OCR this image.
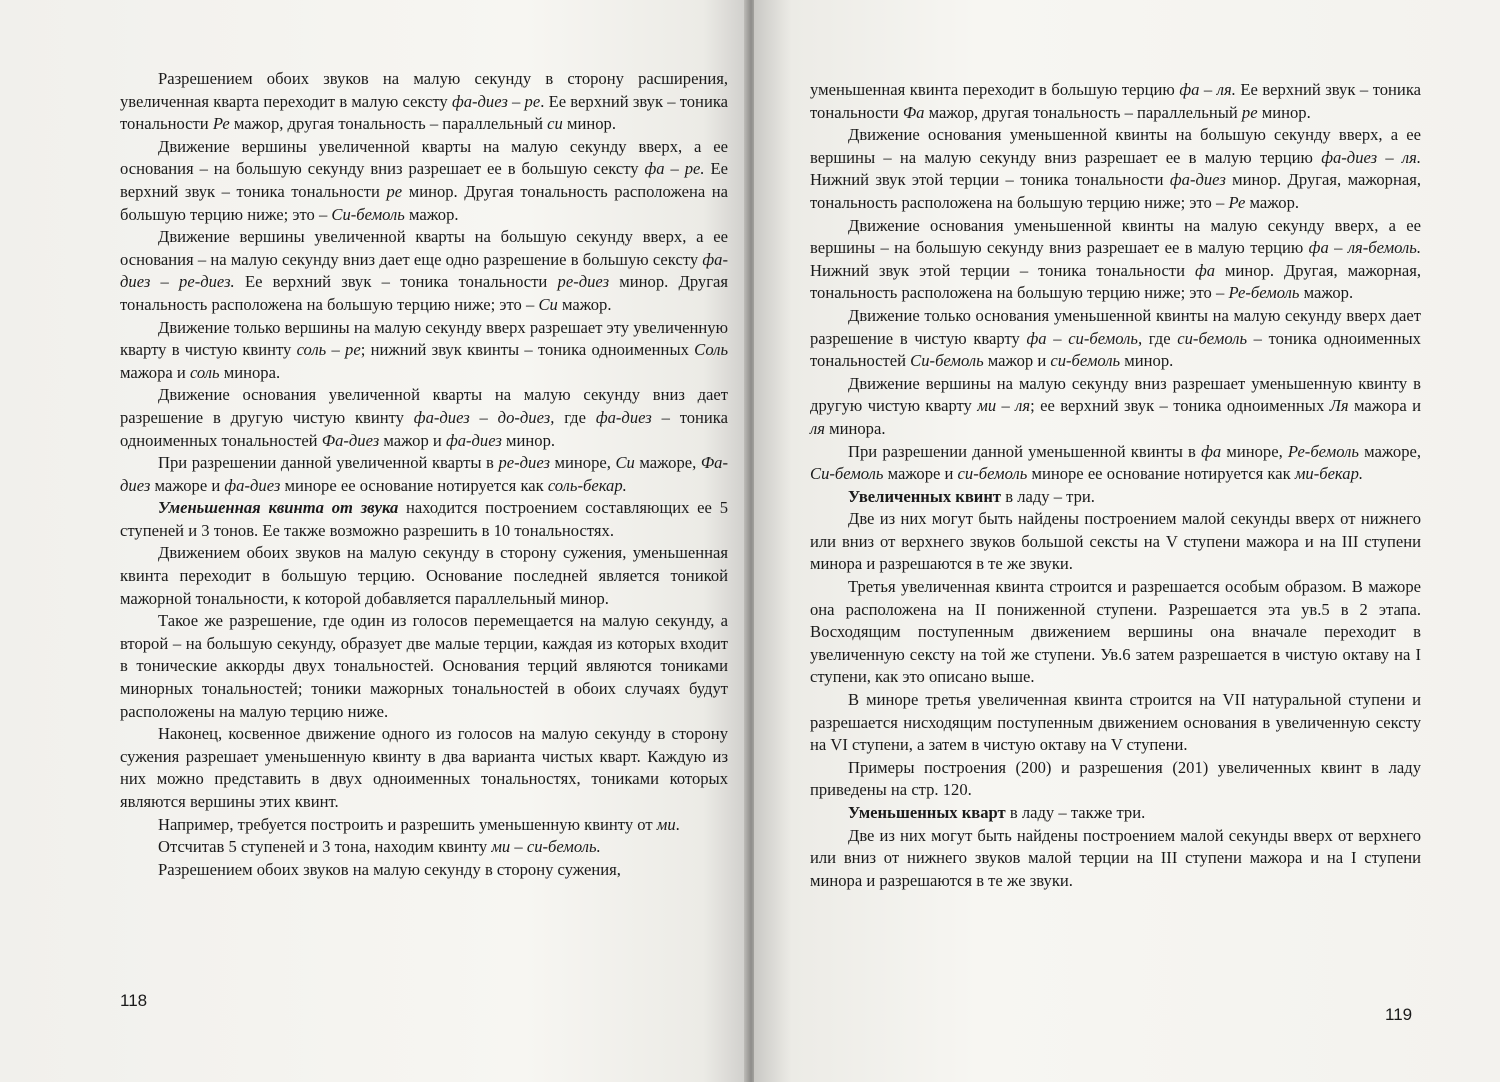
Разрешением обоих звуков на малую секунду в сторону расширения, увеличенная кварта переходит в малую сексту фа-диез – ре. Ее верхний звук – тоника тональности Ре мажор, другая тональность – параллельный си минор.

Движение вершины увеличенной кварты на малую секунду вверх, а ее основания – на большую секунду вниз разрешает ее в большую сексту фа – ре. Ее верхний звук – тоника тональности ре минор. Другая тональность расположена на большую терцию ниже; это – Си-бемоль мажор.

Движение вершины увеличенной кварты на большую секунду вверх, а ее основания – на малую секунду вниз дает еще одно разрешение в большую сексту фа-диез – ре-диез. Ее верхний звук – тоника тональности ре-диез минор. Другая тональность расположена на большую терцию ниже; это – Си мажор.

Движение только вершины на малую секунду вверх разрешает эту увеличенную кварту в чистую квинту соль – ре; нижний звук квинты – тоника одноименных Соль мажора и соль минора.

Движение основания увеличенной кварты на малую секунду вниз дает разрешение в другую чистую квинту фа-диез – до-диез, где фа-диез – тоника одноименных тональностей Фа-диез мажор и фа-диез минор.

При разрешении данной увеличенной кварты в ре-диез миноре, Си мажоре, Фа-диез мажоре и фа-диез миноре ее основание нотируется как соль-бекар.

Уменьшенная квинта от звука находится построением составляющих ее 5 ступеней и 3 тонов. Ее также возможно разрешить в 10 тональностях.

Движением обоих звуков на малую секунду в сторону сужения, уменьшенная квинта переходит в большую терцию. Основание последней является тоникой мажорной тональности, к которой добавляется параллельный минор.

Такое же разрешение, где один из голосов перемещается на малую секунду, а второй – на большую секунду, образует две малые терции, каждая из которых входит в тонические аккорды двух тональностей. Основания терций являются тониками минорных тональностей; тоники мажорных тональностей в обоих случаях будут расположены на малую терцию ниже.

Наконец, косвенное движение одного из голосов на малую секунду в сторону сужения разрешает уменьшенную квинту в два варианта чистых кварт. Каждую из них можно представить в двух одноименных тональностях, тониками которых являются вершины этих квинт.

Например, требуется построить и разрешить уменьшенную квинту от ми.

Отсчитав 5 ступеней и 3 тона, находим квинту ми – си-бемоль.

Разрешением обоих звуков на малую секунду в сторону сужения,

118

уменьшенная квинта переходит в большую терцию фа – ля. Ее верхний звук – тоника тональности Фа мажор, другая тональность – параллельный ре минор.

Движение основания уменьшенной квинты на большую секунду вверх, а ее вершины – на малую секунду вниз разрешает ее в малую терцию фа-диез – ля. Нижний звук этой терции – тоника тональности фа-диез минор. Другая, мажорная, тональность расположена на большую терцию ниже; это – Ре мажор.

Движение основания уменьшенной квинты на малую секунду вверх, а ее вершины – на большую секунду вниз разрешает ее в малую терцию фа – ля-бемоль. Нижний звук этой терции – тоника тональности фа минор. Другая, мажорная, тональность расположена на большую терцию ниже; это – Ре-бемоль мажор.

Движение только основания уменьшенной квинты на малую секунду вверх дает разрешение в чистую кварту фа – си-бемоль, где си-бемоль – тоника одноименных тональностей Си-бемоль мажор и си-бемоль минор.

Движение вершины на малую секунду вниз разрешает уменьшенную квинту в другую чистую кварту ми – ля; ее верхний звук – тоника одноименных Ля мажора и ля минора.

При разрешении данной уменьшенной квинты в фа миноре, Ре-бемоль мажоре, Си-бемоль мажоре и си-бемоль миноре ее основание нотируется как ми-бекар.

Увеличенных квинт в ладу – три.

Две из них могут быть найдены построением малой секунды вверх от нижнего или вниз от верхнего звуков большой сексты на V ступени мажора и на III ступени минора и разрешаются в те же звуки.

Третья увеличенная квинта строится и разрешается особым образом. В мажоре она расположена на II пониженной ступени. Разрешается эта ув.5 в 2 этапа. Восходящим поступенным движением вершины она вначале переходит в увеличенную сексту на той же ступени. Ув.6 затем разрешается в чистую октаву на I ступени, как это описано выше.

В миноре третья увеличенная квинта строится на VII натуральной ступени и разрешается нисходящим поступенным движением основания в увеличенную сексту на VI ступени, а затем в чистую октаву на V ступени.

Примеры построения (200) и разрешения (201) увеличенных квинт в ладу приведены на стр. 120.

Уменьшенных кварт в ладу – также три.

Две из них могут быть найдены построением малой секунды вверх от верхнего или вниз от нижнего звуков малой терции на III ступени мажора и на I ступени минора и разрешаются в те же звуки.

119
